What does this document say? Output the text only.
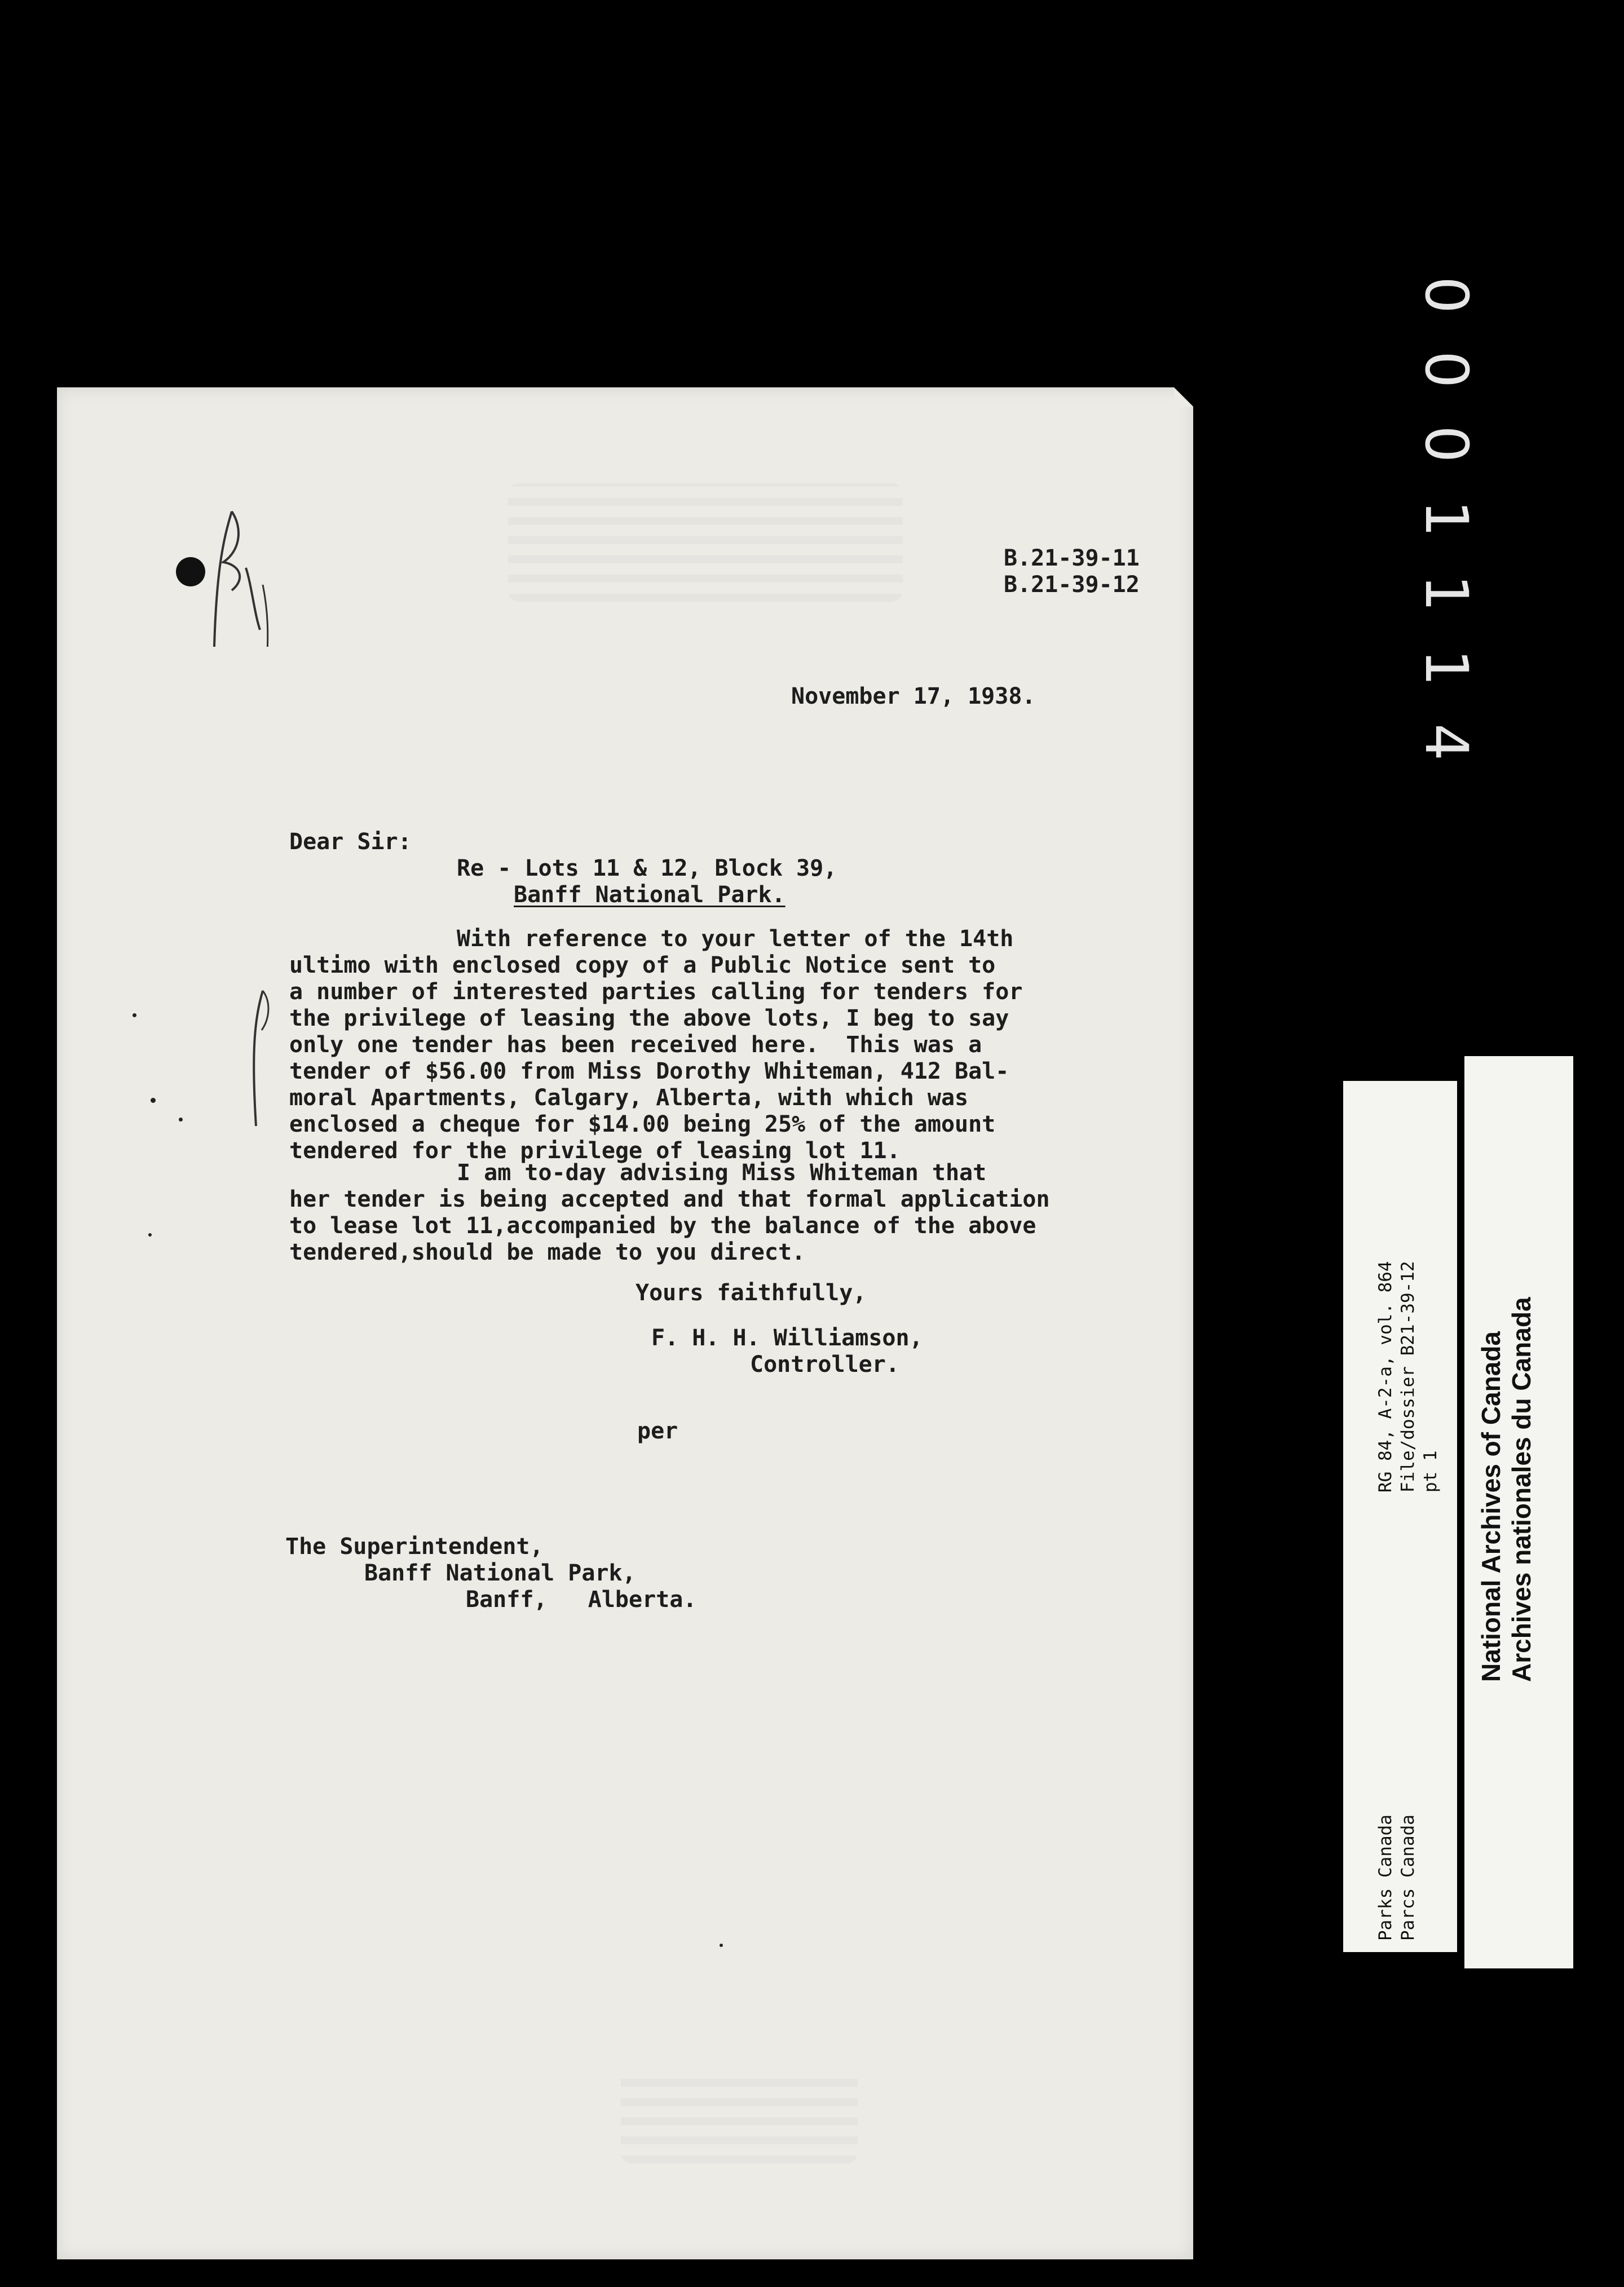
B.21-39-11

B.21-39-12

November 17, 1938.

Dear Sir:

Re - Lots 11 & 12, Block 39,

Banff National Park.

With reference to your letter of the 14th
ultimo with enclosed copy of a Public Notice sent to
a number of interested parties calling for tenders for
the privilege of leasing the above lots, I beg to say
only one tender has been received here.  This was a
tender of $56.00 from Miss Dorothy Whiteman, 412 Bal-
moral Apartments, Calgary, Alberta, with which was
enclosed a cheque for $14.00 being 25% of the amount
tendered for the privilege of leasing lot 11.
I am to-day advising Miss Whiteman that
her tender is being accepted and that formal application
to lease lot 11,accompanied by the balance of the above
tendered,should be made to you direct.

Yours faithfully,

F. H. H. Williamson,

Controller.

per

The Superintendent,
Banff National Park,
Banff,   Alberta.
0001114
RG 84, A-2-a, vol. 864 File/dossier B21-39-12 pt 1
Parks Canada Parcs Canada
National Archives of Canada Archives nationales du Canada
